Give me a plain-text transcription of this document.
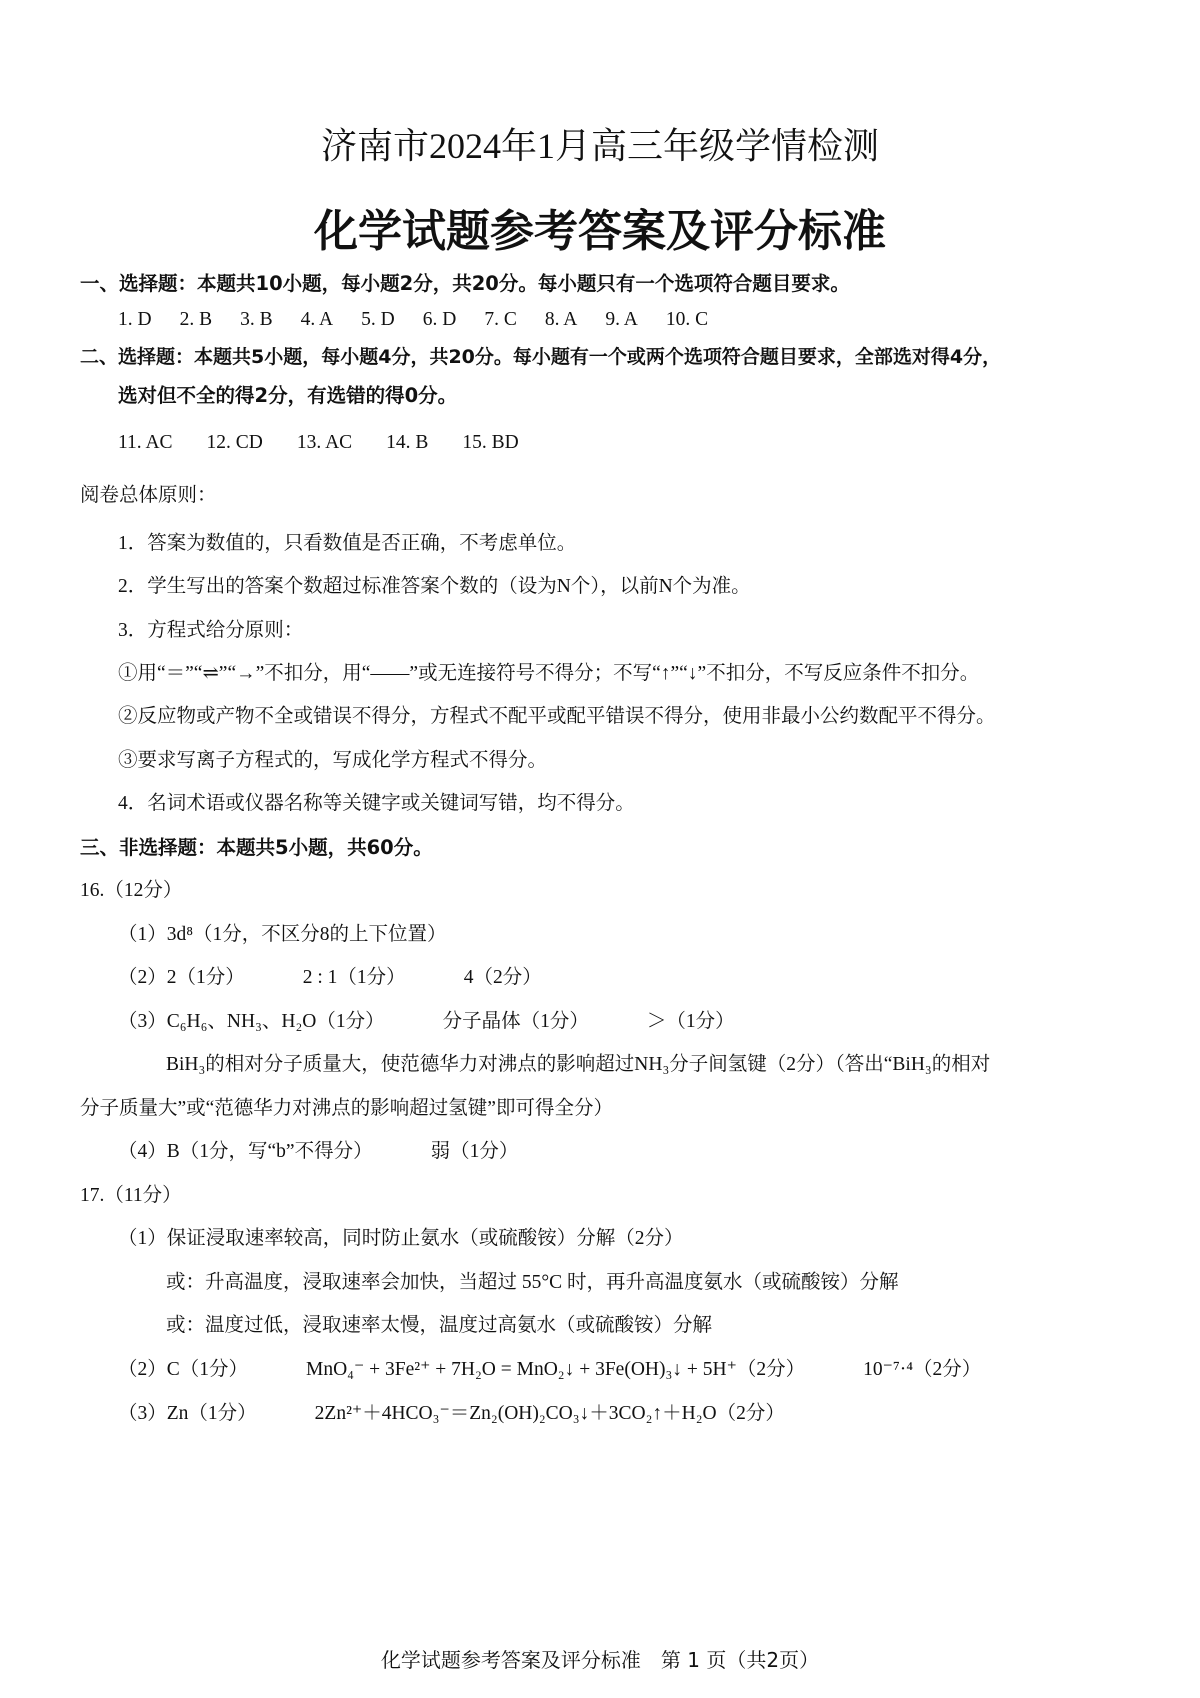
济南市2024年1月高三年级学情检测
化学试题参考答案及评分标准
一、选择题：本题共10小题，每小题2分，共20分。每小题只有一个选项符合题目要求。
1. D 2. B 3. B 4. A 5. D 6. D 7. C 8. A 9. A 10. C
二、选择题：本题共5小题，每小题4分，共20分。每小题有一个或两个选项符合题目要求，全部选对得4分，
选对但不全的得2分，有选错的得0分。
11. AC 12. CD 13. AC 14. B 15. BD
阅卷总体原则：
1．答案为数值的，只看数值是否正确，不考虑单位。
2．学生写出的答案个数超过标准答案个数的（设为N个），以前N个为准。
3．方程式给分原则：
①用“＝”“⇌”“→”不扣分，用“——”或无连接符号不得分；不写“↑”“↓”不扣分，不写反应条件不扣分。
②反应物或产物不全或错误不得分，方程式不配平或配平错误不得分，使用非最小公约数配平不得分。
③要求写离子方程式的，写成化学方程式不得分。
4．名词术语或仪器名称等关键字或关键词写错，均不得分。
三、非选择题：本题共5小题，共60分。
16.（12分）
（1）3d⁸（1分，不区分8的上下位置）
（2）2（1分）	2 : 1（1分）	4（2分）
（3）C₆H₆、NH₃、H₂O（1分）	分子晶体（1分）	＞（1分）
BiH₃的相对分子质量大，使范德华力对沸点的影响超过NH₃分子间氢键（2分）（答出“BiH₃的相对
分子质量大”或“范德华力对沸点的影响超过氢键”即可得全分）
（4）B（1分，写“b”不得分）	弱（1分）
17.（11分）
（1）保证浸取速率较高，同时防止氨水（或硫酸铵）分解（2分）
或：升高温度，浸取速率会加快，当超过 55°C 时，再升高温度氨水（或硫酸铵）分解
或：温度过低，浸取速率太慢，温度过高氨水（或硫酸铵）分解
（2）C（1分）	MnO₄⁻ + 3Fe²⁺ + 7H₂O = MnO₂↓ + 3Fe(OH)₃↓ + 5H⁺（2分）	10⁻⁷·⁴（2分）
（3）Zn（1分）	2Zn²⁺＋4HCO₃⁻＝Zn₂(OH)₂CO₃↓＋3CO₂↑＋H₂O（2分）
化学试题参考答案及评分标准　第 1 页（共2页）
